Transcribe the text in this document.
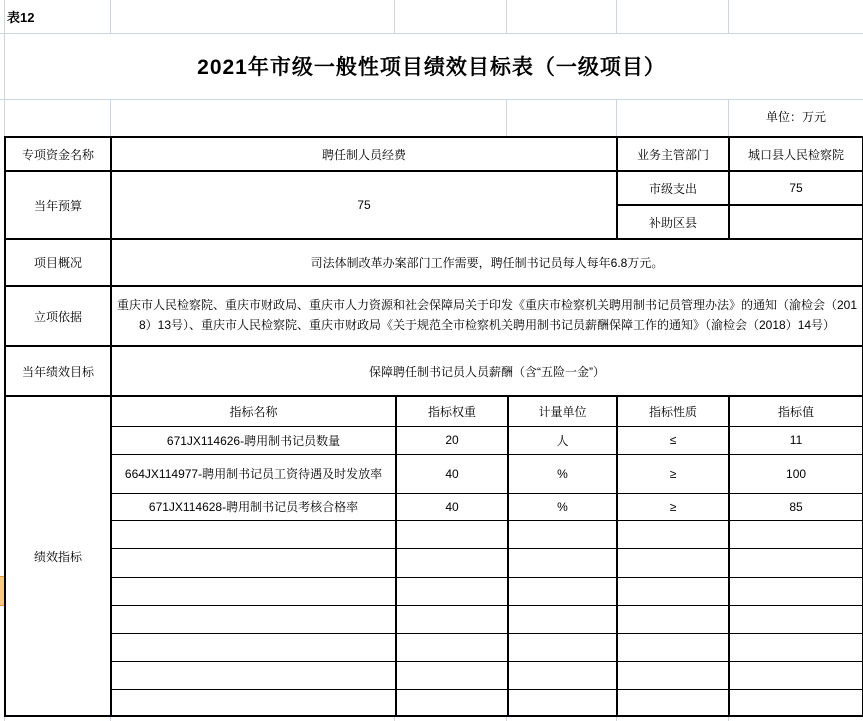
表12
2021年市级一般性项目绩效目标表（一级项目）
单位：万元
专项资金名称	聘任制人员经费			业务主管部门	城口县人民检察院
当年预算	75			市级支出	75
				补助区县	
项目概况	司法体制改革办案部门工作需要，聘任制书记员每人每年6.8万元。				
立项依据	重庆市人民检察院、重庆市财政局、重庆市人力资源和社会保障局关于印发《重庆市检察机关聘用制书记员管理办法》的通知（渝检会（2018）13号）、重庆市人民检察院、重庆市财政局《关于规范全市检察机关聘用制书记员薪酬保障工作的通知》（渝检会（2018）14号）				
当年绩效目标	保障聘任制书记员人员薪酬（含“五险一金”）				
绩效指标	指标名称	指标权重	计量单位	指标性质	指标值
	671JX114626-聘用制书记员数量	20	人	≤	11
	664JX114977-聘用制书记员工资待遇及时发放率	40	%	≥	100
	671JX114628-聘用制书记员考核合格率	40	%	≥	85
